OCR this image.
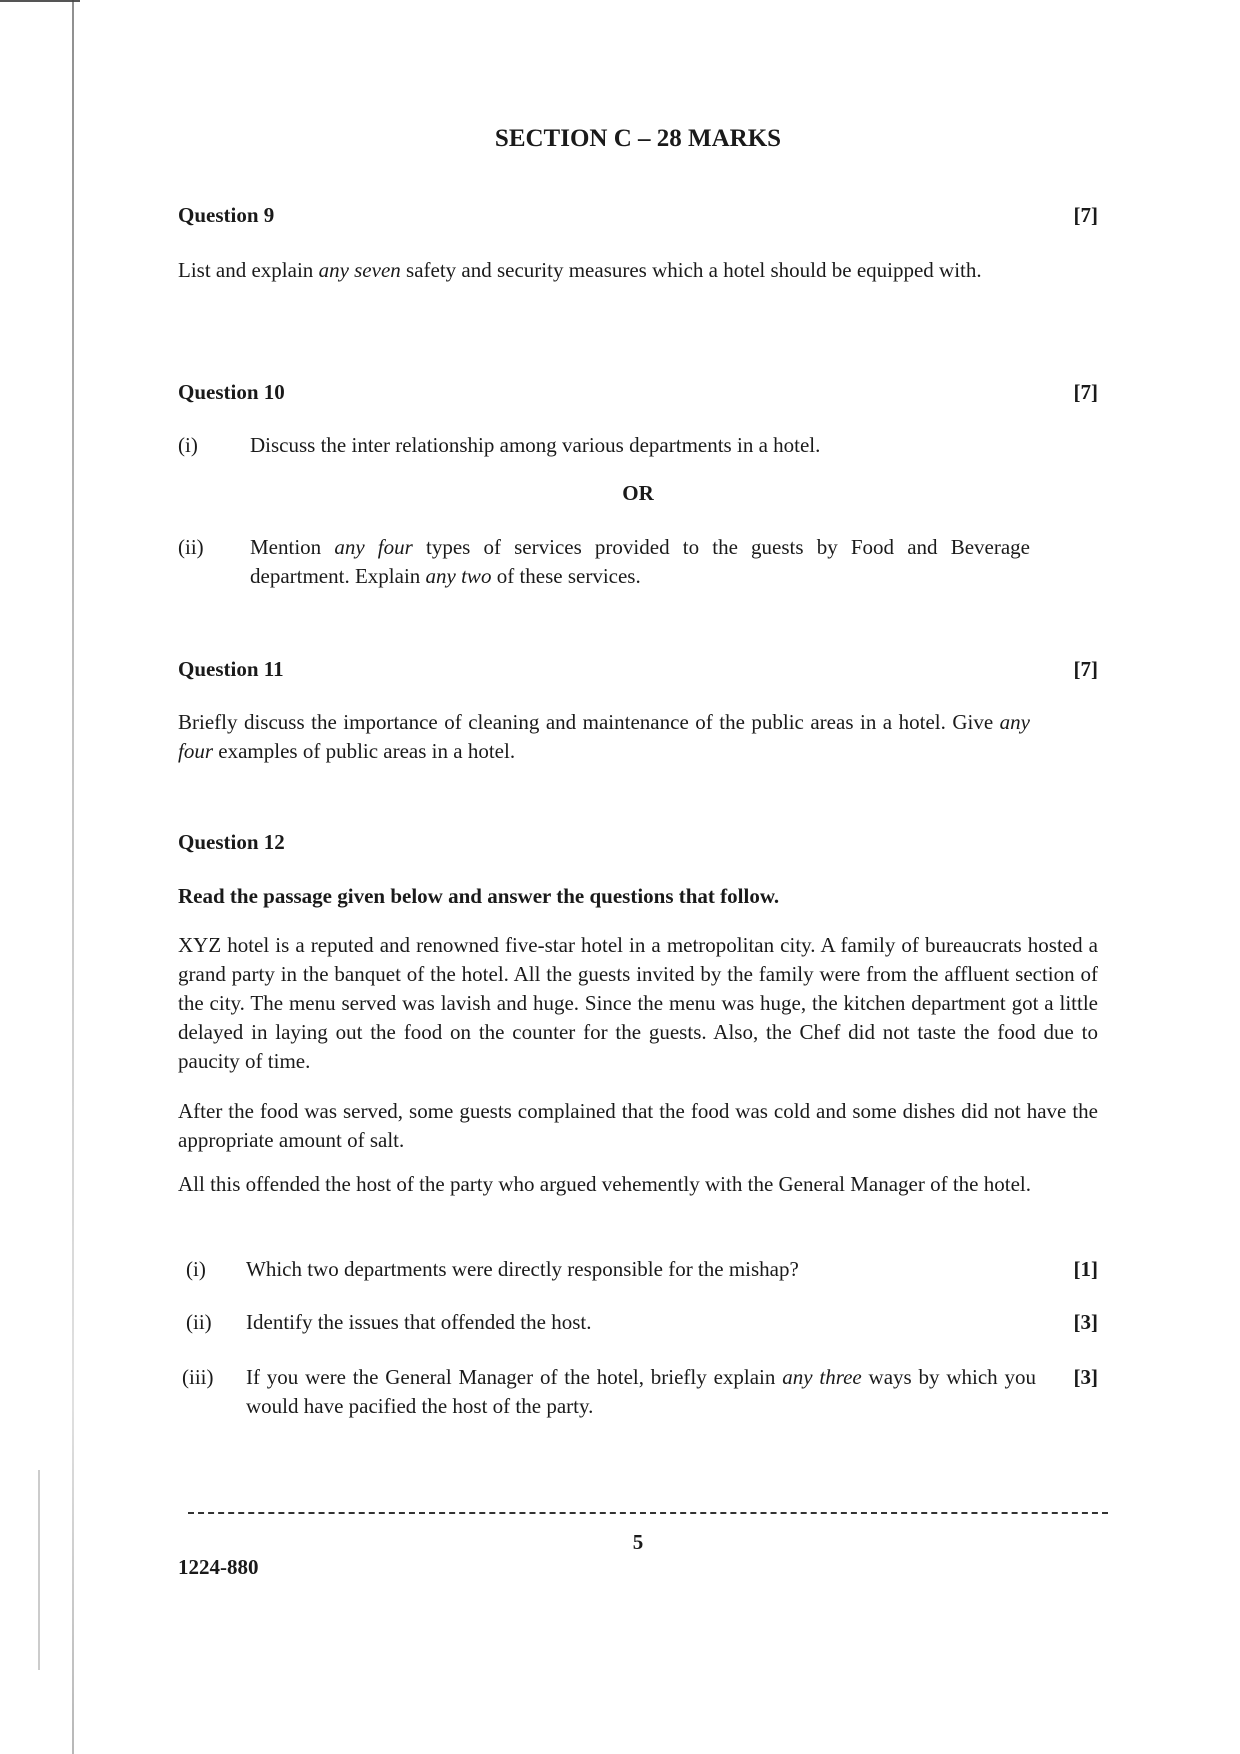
SECTION C – 28 MARKS
Question 9	[7]
List and explain any seven safety and security measures which a hotel should be equipped with.
Question 10	[7]
(i) Discuss the inter relationship among various departments in a hotel.
OR
(ii) Mention any four types of services provided to the guests by Food and Beverage department. Explain any two of these services.
Question 11	[7]
Briefly discuss the importance of cleaning and maintenance of the public areas in a hotel. Give any four examples of public areas in a hotel.
Question 12
Read the passage given below and answer the questions that follow.
XYZ hotel is a reputed and renowned five-star hotel in a metropolitan city. A family of bureaucrats hosted a grand party in the banquet of the hotel. All the guests invited by the family were from the affluent section of the city. The menu served was lavish and huge. Since the menu was huge, the kitchen department got a little delayed in laying out the food on the counter for the guests. Also, the Chef did not taste the food due to paucity of time.
After the food was served, some guests complained that the food was cold and some dishes did not have the appropriate amount of salt.
All this offended the host of the party who argued vehemently with the General Manager of the hotel.
(i) Which two departments were directly responsible for the mishap?	[1]
(ii) Identify the issues that offended the host.	[3]
(iii) If you were the General Manager of the hotel, briefly explain any three ways by which you would have pacified the host of the party.
[3]
5
1224-880
